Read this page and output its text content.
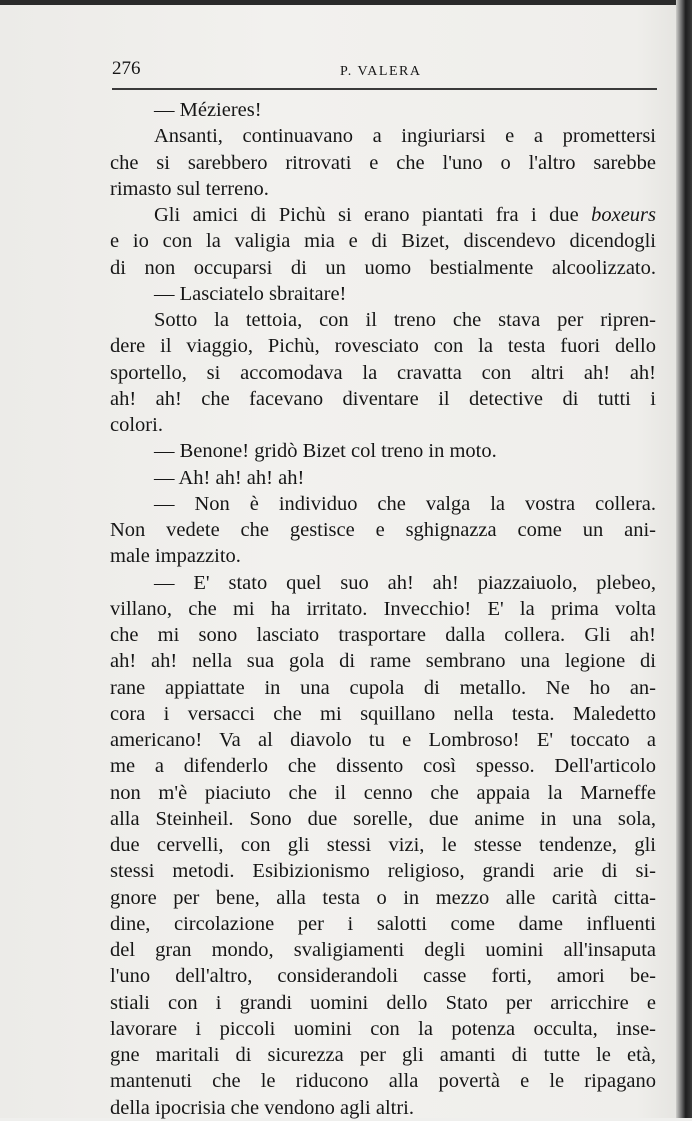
276	P. VALERA
— Mézieres!
Ansanti, continuavano a ingiuriarsi e a promettersi
che si sarebbero ritrovati e che l'uno o l'altro sarebbe
rimasto sul terreno.
Gli amici di Pichù si erano piantati fra i due boxeurs
e io con la valigia mia e di Bizet, discendevo dicendogli
di non occuparsi di un uomo bestialmente alcoolizzato.
— Lasciatelo sbraitare!
Sotto la tettoia, con il treno che stava per ripren-
dere il viaggio, Pichù, rovesciato con la testa fuori dello
sportello, si accomodava la cravatta con altri ah! ah!
ah! ah! che facevano diventare il detective di tutti i
colori.
— Benone! gridò Bizet col treno in moto.
— Ah! ah! ah! ah!
— Non è individuo che valga la vostra collera.
Non vedete che gestisce e sghignazza come un ani-
male impazzito.
— E' stato quel suo ah! ah! piazzaiuolo, plebeo,
villano, che mi ha irritato. Invecchio! E' la prima volta
che mi sono lasciato trasportare dalla collera. Gli ah!
ah! ah! nella sua gola di rame sembrano una legione di
rane appiattate in una cupola di metallo. Ne ho an-
cora i versacci che mi squillano nella testa. Maledetto
americano! Va al diavolo tu e Lombroso! E' toccato a
me a difenderlo che dissento così spesso. Dell'articolo
non m'è piaciuto che il cenno che appaia la Marneffe
alla Steinheil. Sono due sorelle, due anime in una sola,
due cervelli, con gli stessi vizi, le stesse tendenze, gli
stessi metodi. Esibizionismo religioso, grandi arie di si-
gnore per bene, alla testa o in mezzo alle carità citta-
dine, circolazione per i salotti come dame influenti
del gran mondo, svaligiamenti degli uomini all'insaputa
l'uno dell'altro, considerandoli casse forti, amori be-
stiali con i grandi uomini dello Stato per arricchire e
lavorare i piccoli uomini con la potenza occulta, inse-
gne maritali di sicurezza per gli amanti di tutte le età,
mantenuti che le riducono alla povertà e le ripagano
della ipocrisia che vendono agli altri.
